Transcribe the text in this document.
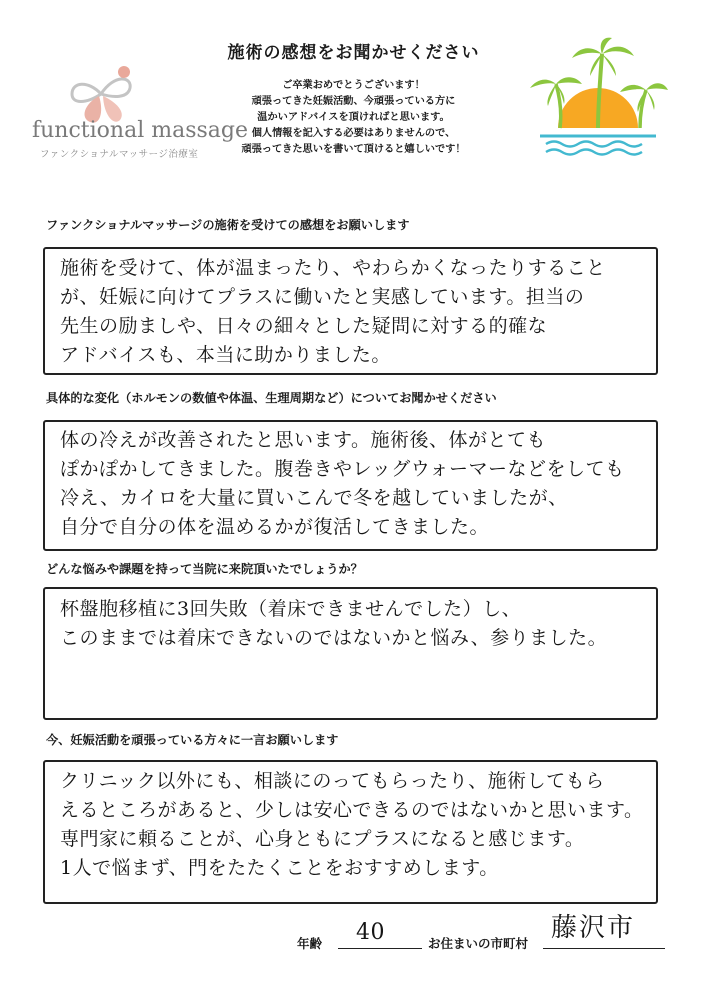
施術の感想をお聞かせください
ご卒業おめでとうございます！
頑張ってきた妊娠活動、今頑張っている方に
温かいアドバイスを頂ければと思います。
個人情報を記入する必要はありませんので、
頑張ってきた思いを書いて頂けると嬉しいです！
functional massage
ファンクショナルマッサージ治療室
ファンクショナルマッサージの施術を受けての感想をお願いします
施術を受けて、体が温まったり、やわらかくなったりすること
が、妊娠に向けてプラスに働いたと実感しています。担当の
先生の励ましや、日々の細々とした疑問に対する的確な
アドバイスも、本当に助かりました。
具体的な変化（ホルモンの数値や体温、生理周期など）についてお聞かせください
体の冷えが改善されたと思います。施術後、体がとても
ぽかぽかしてきました。腹巻きやレッグウォーマーなどをしても
冷え、カイロを大量に買いこんで冬を越していましたが、
自分で自分の体を温めるかが復活してきました。
どんな悩みや課題を持って当院に来院頂いたでしょうか？
杯盤胞移植に3回失敗（着床できませんでした）し、
このままでは着床できないのではないかと悩み、参りました。
今、妊娠活動を頑張っている方々に一言お願いします
クリニック以外にも、相談にのってもらったり、施術してもら
えるところがあると、少しは安心できるのではないかと思います。
専門家に頼ることが、心身ともにプラスになると感じます。
1人で悩まず、門をたたくことをおすすめします。
年齢 40	お住まいの市町村
藤沢市
